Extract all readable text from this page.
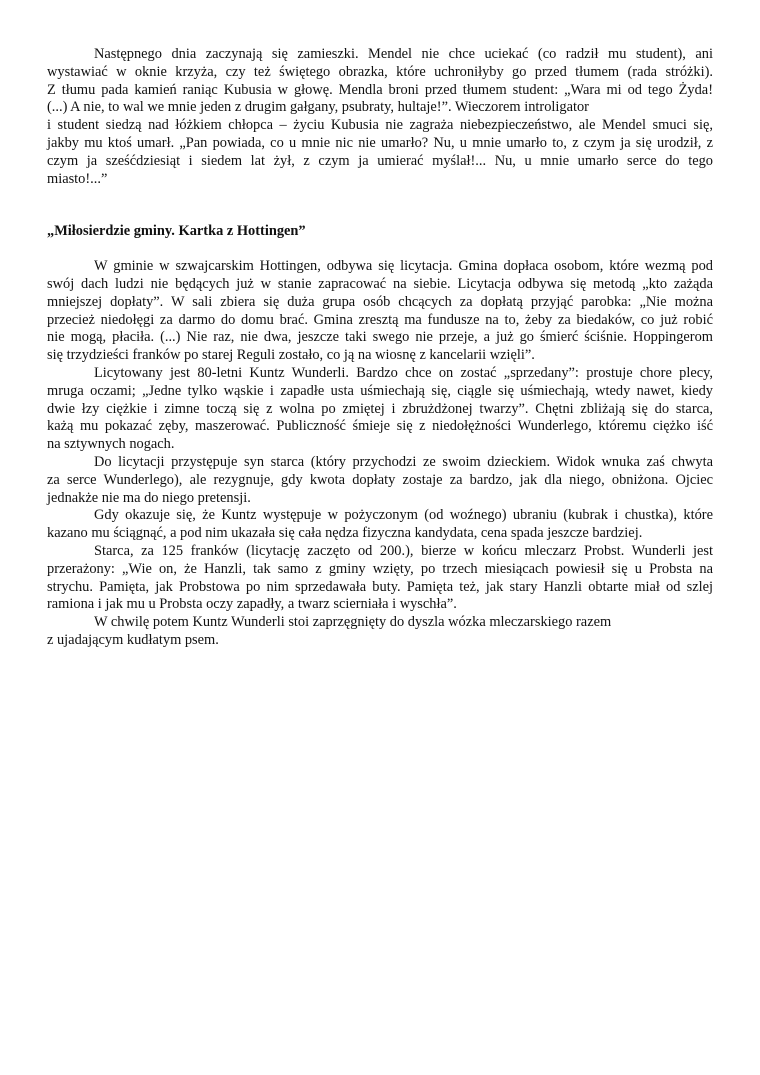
Następnego dnia zaczynają się zamieszki. Mendel nie chce uciekać (co radził mu student), ani
wystawiać w oknie krzyża, czy też świętego obrazka, które uchroniłyby go przed tłumem (rada stróżki).
Z tłumu pada kamień raniąc Kubusia w głowę. Mendla broni przed tłumem student: „Wara mi od tego Żyda!
(...) A nie, to wal we mnie jeden z drugim gałgany, psubraty, hultaje!”. Wieczorem introligator
i student siedzą nad łóżkiem chłopca – życiu Kubusia nie zagraża niebezpieczeństwo, ale Mendel smuci się,
jakby mu ktoś umarł. „Pan powiada, co u mnie nic nie umarło? Nu, u mnie umarło to, z czym ja się urodził, z
czym ja sześćdziesiąt i siedem lat żył, z czym ja umierać myślał!... Nu, u mnie umarło serce do tego
miasto!...”
„Miłosierdzie gminy. Kartka z Hottingen”
W gminie w szwajcarskim Hottingen, odbywa się licytacja. Gmina dopłaca osobom, które wezmą pod
swój dach ludzi nie będących już w stanie zapracować na siebie. Licytacja odbywa się metodą „kto zażąda
mniejszej dopłaty”. W sali zbiera się duża grupa osób chcących za dopłatą przyjąć parobka: „Nie można
przecież niedołęgi za darmo do domu brać. Gmina zresztą ma fundusze na to, żeby za biedaków, co już robić
nie mogą, płaciła. (...) Nie raz, nie dwa, jeszcze taki swego nie przeje, a już go śmierć ściśnie. Hoppingerom
się trzydzieści franków po starej Reguli zostało, co ją na wiosnę z kancelarii wzięli”.
Licytowany jest 80-letni Kuntz Wunderli. Bardzo chce on zostać „sprzedany”: prostuje chore plecy,
mruga oczami; „Jedne tylko wąskie i zapadłe usta uśmiechają się, ciągle się uśmiechają, wtedy nawet, kiedy
dwie łzy ciężkie i zimne toczą się z wolna po zmiętej i zbrużdżonej twarzy”. Chętni zbliżają się do starca,
każą mu pokazać zęby, maszerować. Publiczność śmieje się z niedołężności Wunderlego, któremu ciężko iść
na sztywnych nogach.
Do licytacji przystępuje syn starca (który przychodzi ze swoim dzieckiem. Widok wnuka zaś chwyta
za serce Wunderlego), ale rezygnuje, gdy kwota dopłaty zostaje za bardzo, jak dla niego, obniżona. Ojciec
jednakże nie ma do niego pretensji.
Gdy okazuje się, że Kuntz występuje w pożyczonym (od woźnego) ubraniu (kubrak i chustka), które
kazano mu ściągnąć, a pod nim ukazała się cała nędza fizyczna kandydata, cena spada jeszcze bardziej.
Starca, za 125 franków (licytację zaczęto od 200.), bierze w końcu mleczarz Probst. Wunderli jest
przerażony: „Wie on, że Hanzli, tak samo z gminy wzięty, po trzech miesiącach powiesił się u Probsta na
strychu. Pamięta, jak Probstowa po nim sprzedawała buty. Pamięta też, jak stary Hanzli obtarte miał od szlej
ramiona i jak mu u Probsta oczy zapadły, a twarz scierniała i wyschła”.
W chwilę potem Kuntz Wunderli stoi zaprzęgnięty do dyszla wózka mleczarskiego razem
z ujadającym kudłatym psem.
